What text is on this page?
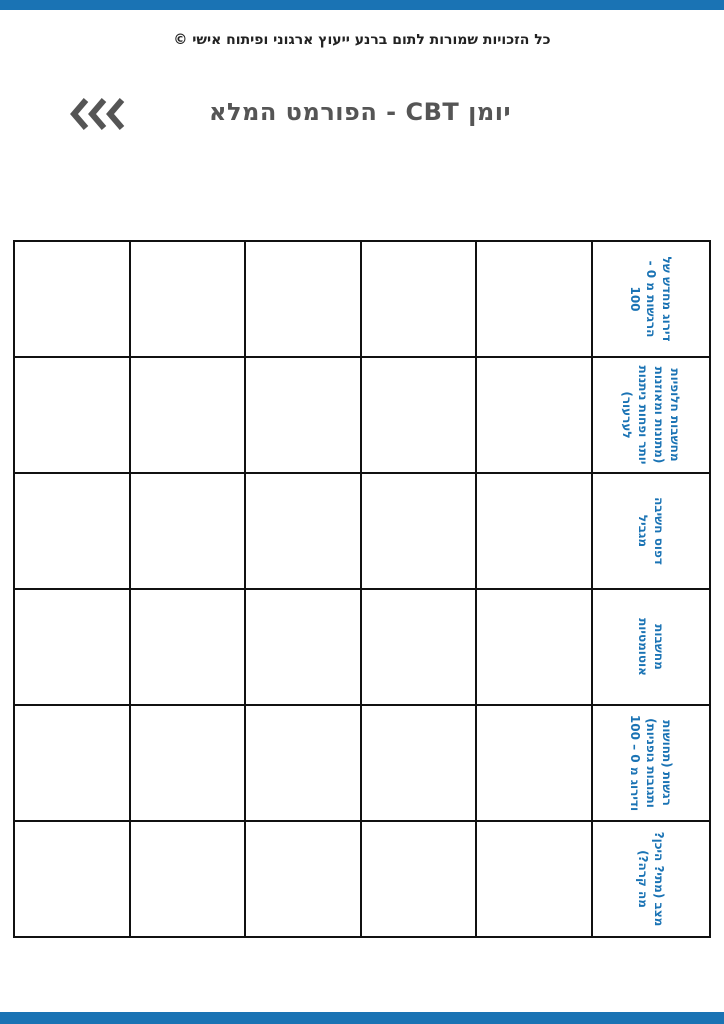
כל הזכויות שמורות לתום ברנע ייעוץ ארגוני ופיתוח אישי ©
יומן CBT - הפורמט המלא

					דירוג מחדש של הרגשות מ 0 - 100

					מחשבות חלופיות (מתונות ומאוזנות יותר ופחות ניתנות לערעור)

					דפוס חשיבה מגביל

					מחשבות אוטומטיות

					רגשות (תחושות ותגובות גופניות) ודירוג מ 0 – 100

					מצב (מתי? היכן? מה קרה?)
